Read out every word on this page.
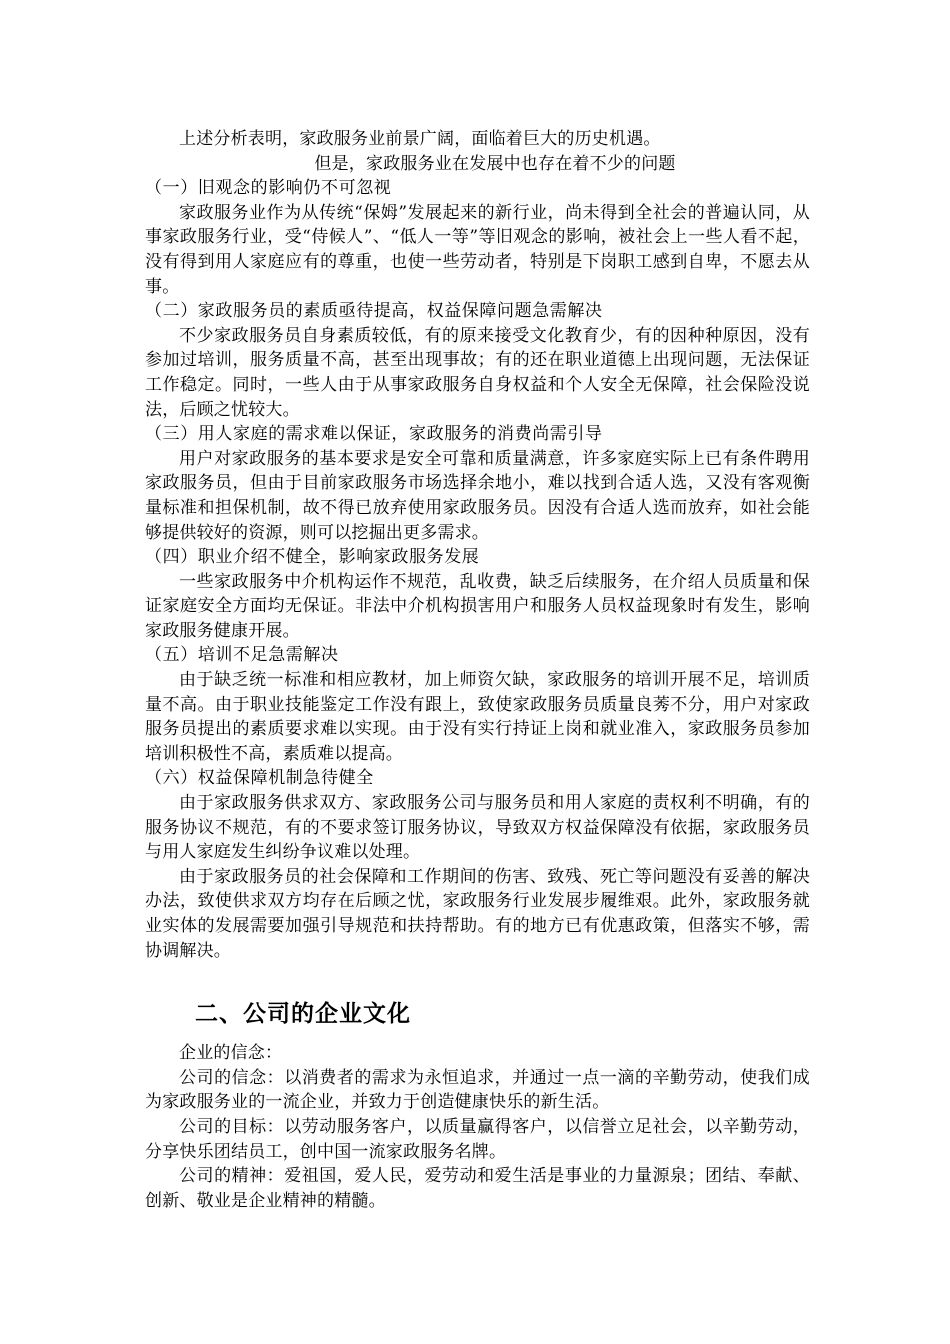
上述分析表明，家政服务业前景广阔，面临着巨大的历史机遇。

但是，家政服务业在发展中也存在着不少的问题

（一）旧观念的影响仍不可忽视

家政服务业作为从传统“保姆”发展起来的新行业，尚未得到全社会的普遍认同，从事家政服务行业，受“侍候人”、“低人一等”等旧观念的影响，被社会上一些人看不起，没有得到用人家庭应有的尊重，也使一些劳动者，特别是下岗职工感到自卑，不愿去从事。

（二）家政服务员的素质亟待提高，权益保障问题急需解决

不少家政服务员自身素质较低，有的原来接受文化教育少，有的因种种原因，没有参加过培训，服务质量不高，甚至出现事故；有的还在职业道德上出现问题，无法保证工作稳定。同时，一些人由于从事家政服务自身权益和个人安全无保障，社会保险没说法，后顾之忧较大。

（三）用人家庭的需求难以保证，家政服务的消费尚需引导

用户对家政服务的基本要求是安全可靠和质量满意，许多家庭实际上已有条件聘用家政服务员，但由于目前家政服务市场选择余地小，难以找到合适人选，又没有客观衡量标准和担保机制，故不得已放弃使用家政服务员。因没有合适人选而放弃，如社会能够提供较好的资源，则可以挖掘出更多需求。

（四）职业介绍不健全，影响家政服务发展

一些家政服务中介机构运作不规范，乱收费，缺乏后续服务，在介绍人员质量和保证家庭安全方面均无保证。非法中介机构损害用户和服务人员权益现象时有发生，影响家政服务健康开展。

（五）培训不足急需解决

由于缺乏统一标准和相应教材，加上师资欠缺，家政服务的培训开展不足，培训质量不高。由于职业技能鉴定工作没有跟上，致使家政服务员质量良莠不分，用户对家政服务员提出的素质要求难以实现。由于没有实行持证上岗和就业准入，家政服务员参加培训积极性不高，素质难以提高。

（六）权益保障机制急待健全

由于家政服务供求双方、家政服务公司与服务员和用人家庭的责权利不明确，有的服务协议不规范，有的不要求签订服务协议，导致双方权益保障没有依据，家政服务员与用人家庭发生纠纷争议难以处理。

由于家政服务员的社会保障和工作期间的伤害、致残、死亡等问题没有妥善的解决办法，致使供求双方均存在后顾之忧，家政服务行业发展步履维艰。此外，家政服务就业实体的发展需要加强引导规范和扶持帮助。有的地方已有优惠政策，但落实不够，需协调解决。

二、公司的企业文化

企业的信念：

公司的信念：以消费者的需求为永恒追求，并通过一点一滴的辛勤劳动，使我们成为家政服务业的一流企业，并致力于创造健康快乐的新生活。

公司的目标：以劳动服务客户，以质量赢得客户，以信誉立足社会，以辛勤劳动，分享快乐团结员工，创中国一流家政服务名牌。

公司的精神：爱祖国，爱人民，爱劳动和爱生活是事业的力量源泉；团结、奉献、创新、敬业是企业精神的精髓。
